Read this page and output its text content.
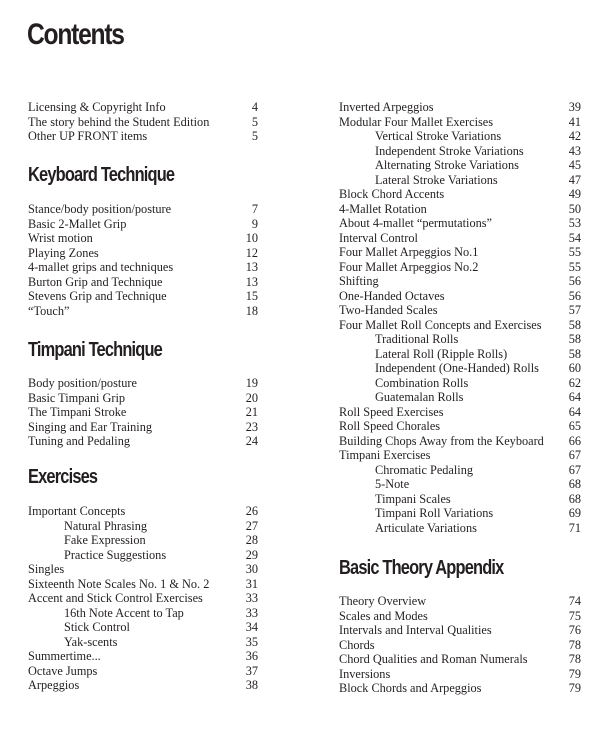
Contents
Licensing & Copyright Info	4
The story behind the Student Edition	5
Other UP FRONT items	5
Keyboard Technique
Stance/body position/posture	7
Basic 2-Mallet Grip	9
Wrist motion	10
Playing Zones	12
4-mallet grips and techniques	13
Burton Grip and Technique	13
Stevens Grip and Technique	15
“Touch”	18
Timpani Technique
Body position/posture	19
Basic Timpani Grip	20
The Timpani Stroke	21
Singing and Ear Training	23
Tuning and Pedaling	24
Exercises
Important Concepts	26
Natural Phrasing	27
Fake Expression	28
Practice Suggestions	29
Singles	30
Sixteenth Note Scales No. 1 & No. 2	31
Accent and Stick Control Exercises	33
16th Note Accent to Tap	33
Stick Control	34
Yak-scents	35
Summertime...	36
Octave Jumps	37
Arpeggios	38
Inverted Arpeggios	39
Modular Four Mallet Exercises	41
Vertical Stroke Variations	42
Independent Stroke Variations	43
Alternating Stroke Variations	45
Lateral Stroke Variations	47
Block Chord Accents	49
4-Mallet Rotation	50
About 4-mallet “permutations”	53
Interval Control	54
Four Mallet Arpeggios No.1	55
Four Mallet Arpeggios No.2	55
Shifting	56
One-Handed Octaves	56
Two-Handed Scales	57
Four Mallet Roll Concepts and Exercises	58
Traditional Rolls	58
Lateral Roll (Ripple Rolls)	58
Independent (One-Handed) Rolls	60
Combination Rolls	62
Guatemalan Rolls	64
Roll Speed Exercises	64
Roll Speed Chorales	65
Building Chops Away from the Keyboard	66
Timpani Exercises	67
Chromatic Pedaling	67
5-Note	68
Timpani Scales	68
Timpani Roll Variations	69
Articulate Variations	71
Basic Theory Appendix
Theory Overview	74
Scales and Modes	75
Intervals and Interval Qualities	76
Chords	78
Chord Qualities and Roman Numerals	78
Inversions	79
Block Chords and Arpeggios	79
